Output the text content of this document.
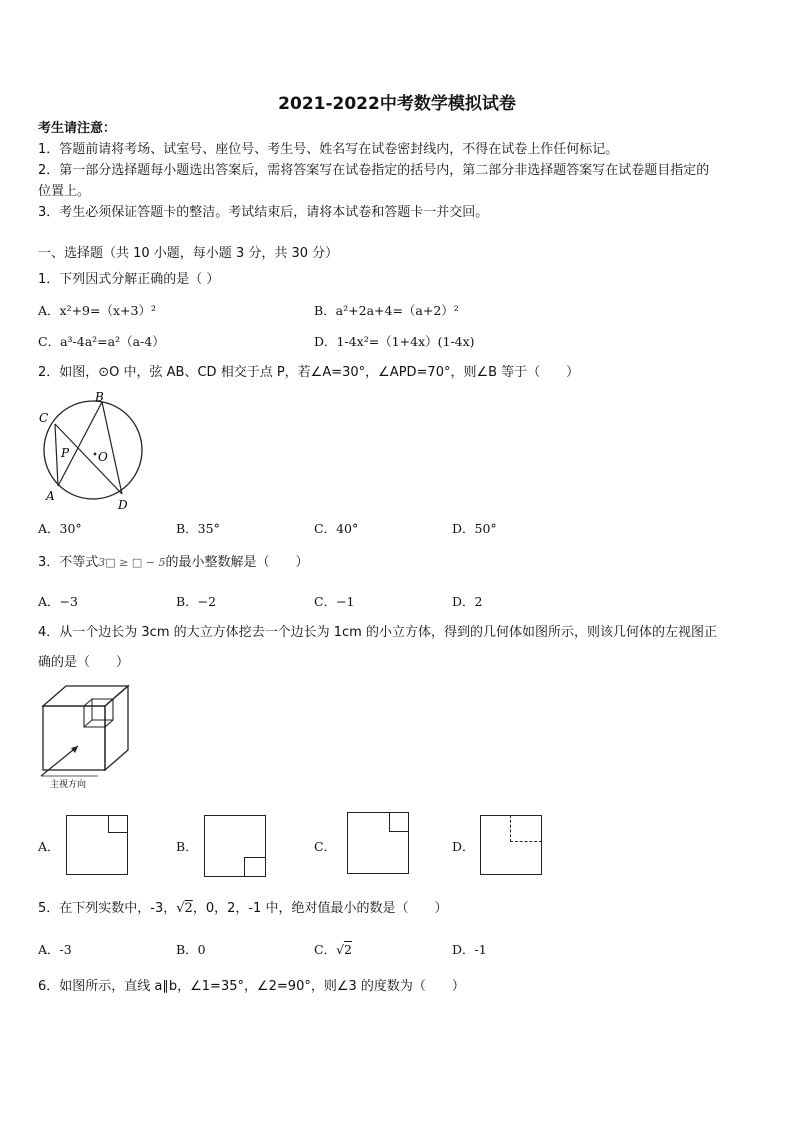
2021-2022中考数学模拟试卷
考生请注意：
1．答题前请将考场、试室号、座位号、考生号、姓名写在试卷密封线内，不得在试卷上作任何标记。
2．第一部分选择题每小题选出答案后，需将答案写在试卷指定的括号内，第二部分非选择题答案写在试卷题目指定的
位置上。
3．考生必须保证答题卡的整洁。考试结束后，请将本试卷和答题卡一并交回。
一、选择题（共 10 小题，每小题 3 分，共 30 分）
1．下列因式分解正确的是（ ）
A．x²+9=（x+3）²	B．a²+2a+4=（a+2）²
C．a³-4a²=a²（a-4）	D．1-4x²=（1+4x）(1-4x)
2．如图，⊙O 中，弦 AB、CD 相交于点 P，若∠A=30°，∠APD=70°，则∠B 等于（　　）
B
C
P O
A
D
A．30°	B．35°	C．40°	D．50°
3．不等式3□ ≥ □ − 5的最小整数解是（　　）
A．−3	B．−2	C．−1	D．2
4．从一个边长为 3cm 的大立方体挖去一个边长为 1cm 的小立方体，得到的几何体如图所示，则该几何体的左视图正
确的是（　　）
主视方向
A．	B．	C．	D．
5．在下列实数中，-3，√2，0，2，-1 中，绝对值最小的数是（　　）
A．-3	B．0	C．√2	D．-1
6．如图所示，直线 a∥b，∠1=35°，∠2=90°，则∠3 的度数为（　　）
